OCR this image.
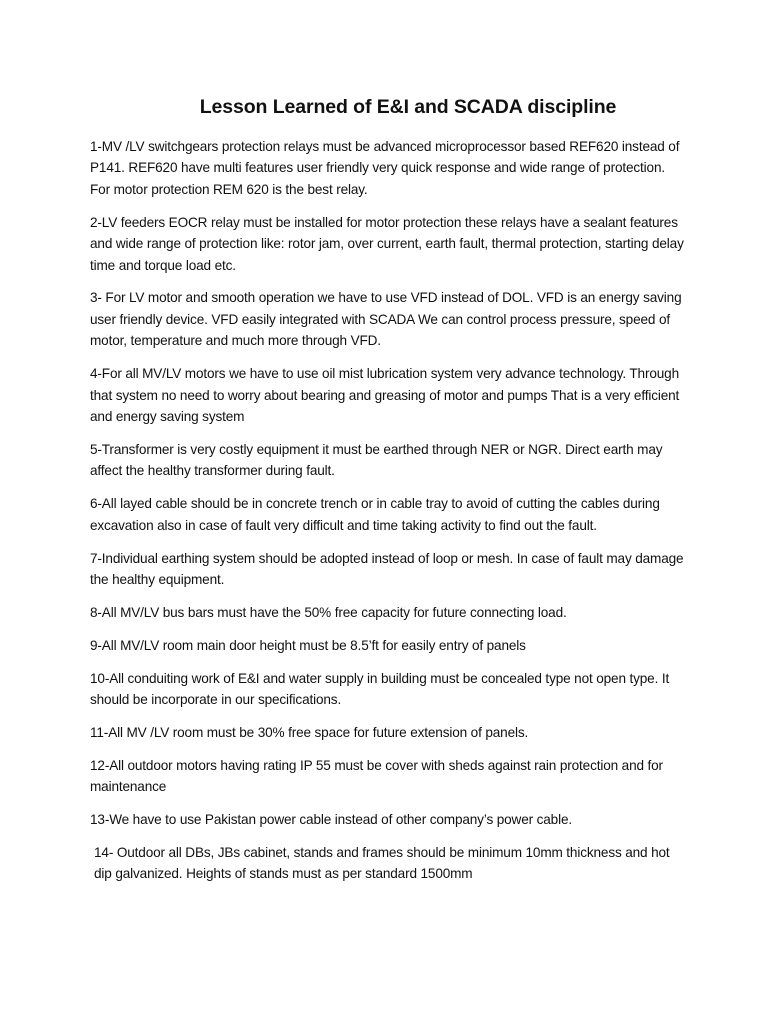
Lesson Learned of E&I and SCADA discipline

1-MV /LV switchgears protection relays must be advanced microprocessor based REF620 instead of P141. REF620 have multi features user friendly very quick response and wide range of protection. For motor protection REM 620 is the best relay.

2-LV feeders EOCR relay must be installed for motor protection these relays have a sealant features and wide range of protection like: rotor jam, over current, earth fault, thermal protection, starting delay time and torque load etc.

3- For LV motor and smooth operation we have to use VFD instead of DOL. VFD is an energy saving user friendly device. VFD easily integrated with SCADA We can control process pressure, speed of motor, temperature and much more through VFD.

4-For all MV/LV motors we have to use oil mist lubrication system very advance technology. Through that system no need to worry about bearing and greasing of motor and pumps That is a very efficient and energy saving system

5-Transformer is very costly equipment it must be earthed through NER or NGR. Direct earth may affect the healthy transformer during fault.

6-All layed cable should be in concrete trench or in cable tray to avoid of cutting the cables during excavation also in case of fault very difficult and time taking activity to find out the fault.

7-Individual earthing system should be adopted instead of loop or mesh. In case of fault may damage the healthy equipment.

8-All MV/LV bus bars must have the 50% free capacity for future connecting load.

9-All MV/LV room main door height must be 8.5’ft for easily entry of panels

10-All conduiting work of E&I and water supply in building must be concealed type not open type. It should be incorporate in our specifications.

11-All MV /LV room must be 30% free space for future extension of panels.

12-All outdoor motors having rating IP 55 must be cover with sheds against rain protection and for maintenance

13-We have to use Pakistan power cable instead of other company’s power cable.

14- Outdoor all DBs, JBs cabinet, stands and frames should be minimum 10mm thickness and hot dip galvanized. Heights of stands must as per standard 1500mm
